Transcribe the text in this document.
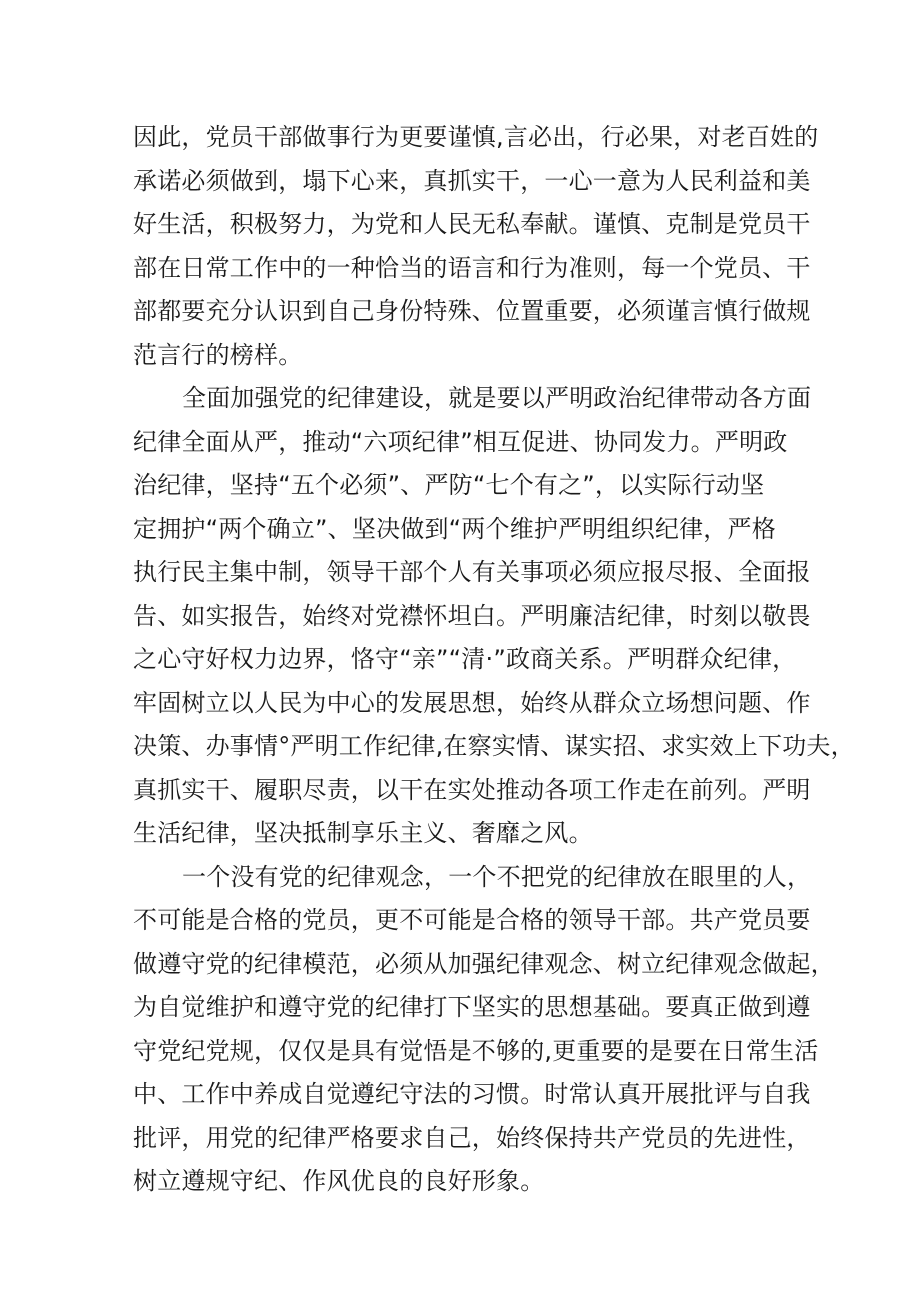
因此，党员干部做事行为更要谨慎,言必出，行必果，对老百姓的
承诺必须做到，塌下心来，真抓实干，一心一意为人民利益和美
好生活，积极努力，为党和人民无私奉献。谨慎、克制是党员干
部在日常工作中的一种恰当的语言和行为准则，每一个党员、干
部都要充分认识到自己身份特殊、位置重要，必须谨言慎行做规
范言行的榜样。
全面加强党的纪律建设，就是要以严明政治纪律带动各方面
纪律全面从严，推动“六项纪律”相互促进、协同发力。严明政
治纪律，坚持“五个必须”、严防“七个有之”，以实际行动坚
定拥护“两个确立”、坚决做到“两个维护严明组织纪律，严格
执行民主集中制，领导干部个人有关事项必须应报尽报、全面报
告、如实报告，始终对党襟怀坦白。严明廉洁纪律，时刻以敬畏
之心守好权力边界，恪守“亲”“清·”政商关系。严明群众纪律，
牢固树立以人民为中心的发展思想，始终从群众立场想问题、作
决策、办事情°严明工作纪律,在察实情、谋实招、求实效上下功夫，
真抓实干、履职尽责，以干在实处推动各项工作走在前列。严明
生活纪律，坚决抵制享乐主义、奢靡之风。
一个没有党的纪律观念，一个不把党的纪律放在眼里的人，
不可能是合格的党员，更不可能是合格的领导干部。共产党员要
做遵守党的纪律模范，必须从加强纪律观念、树立纪律观念做起，
为自觉维护和遵守党的纪律打下坚实的思想基础。要真正做到遵
守党纪党规，仅仅是具有觉悟是不够的,更重要的是要在日常生活
中、工作中养成自觉遵纪守法的习惯。时常认真开展批评与自我
批评，用党的纪律严格要求自己，始终保持共产党员的先进性，
树立遵规守纪、作风优良的良好形象。
